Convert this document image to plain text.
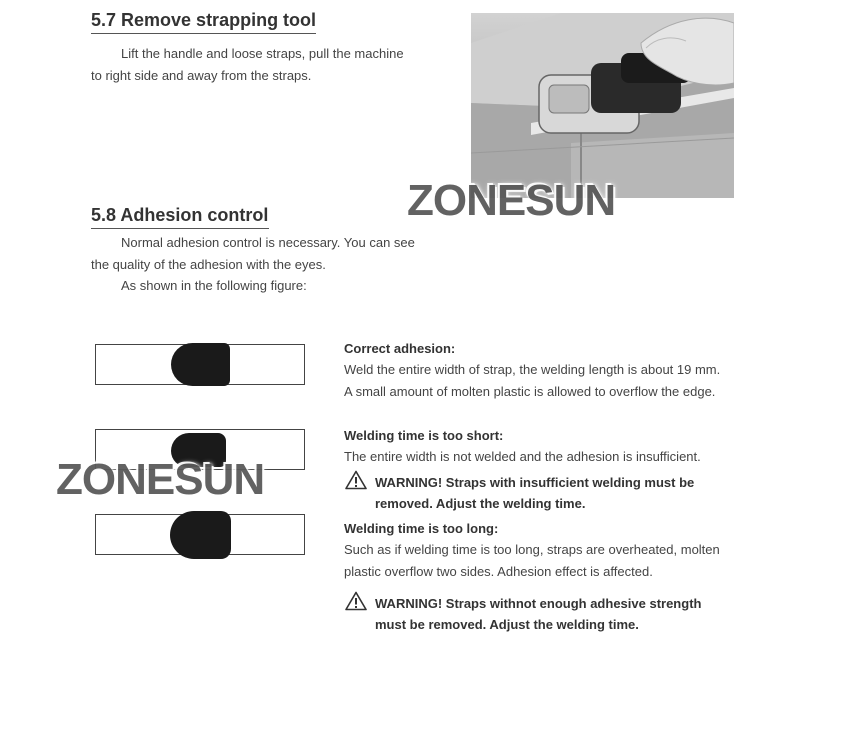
5.7 Remove strapping tool
Lift the handle and loose straps, pull the machine
to right side and away from the straps.
ZONESUN
5.8 Adhesion control
Normal adhesion control is necessary. You can see
the quality of the adhesion with the eyes.
As shown in the following figure:
Correct adhesion:
Weld the entire width of strap, the welding length is about 19 mm.
A small amount of molten plastic is allowed to overflow the edge.
Welding time is too short:
The entire width is not welded and the adhesion is insufficient.
WARNING! Straps with insufficient welding must be
removed. Adjust the welding time.
ZONESUN
Welding time is too long:
Such as if welding time is too long, straps are overheated, molten
plastic overflow two sides. Adhesion effect is affected.
WARNING! Straps withnot enough adhesive strength
must be removed. Adjust the welding time.
